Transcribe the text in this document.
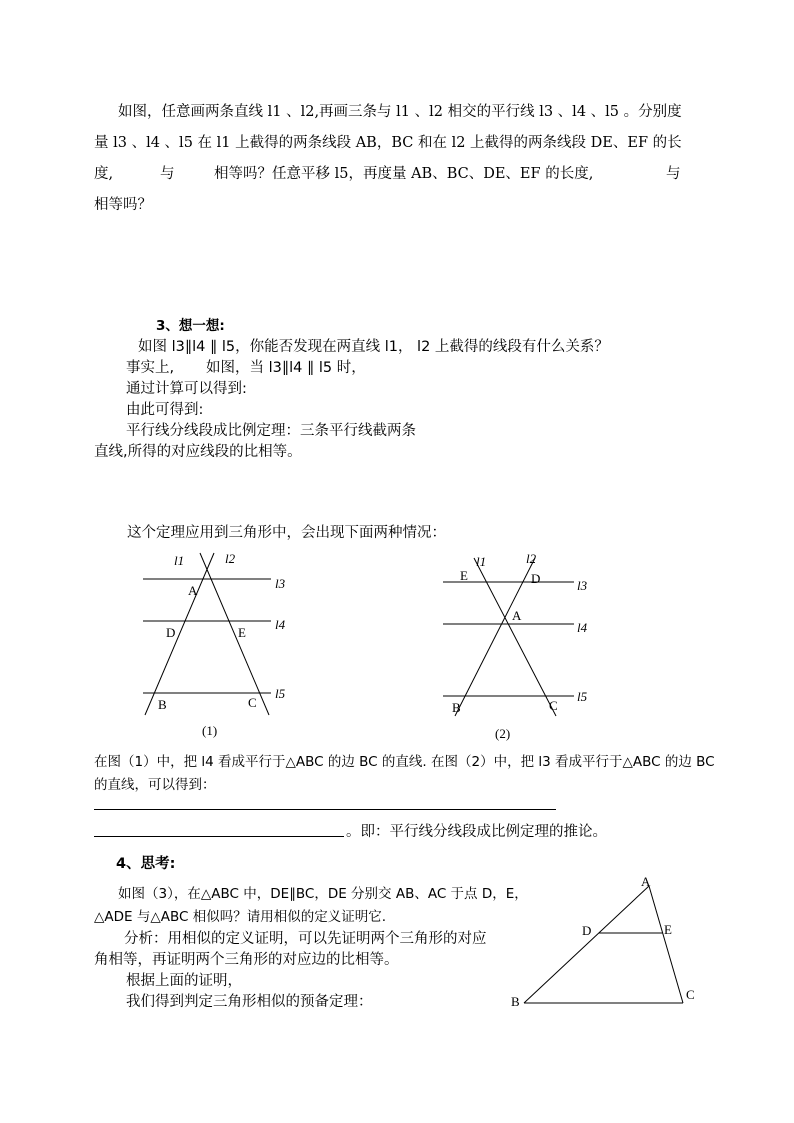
如图，任意画两条直线 l1 、l2,再画三条与 l1 、l2 相交的平行线 l3 、l4 、l5 。分别度
量 l3 、l4 、l5 在 l1 上截得的两条线段 AB，BC 和在 l2 上截得的两条线段 DE、EF 的长
度,	与	相等吗？任意平移 l5，再度量 AB、BC、DE、EF 的长度,	与
相等吗？
3、想一想:
如图 l3∥l4 ∥ l5，你能否发现在两直线 l1， l2 上截得的线段有什么关系？
事实上, 如图，当 l3∥l4 ∥ l5 时，
通过计算可以得到:
由此可得到:
平行线分线段成比例定理：三条平行线截两条
直线,所得的对应线段的比相等。
这个定理应用到三角形中，会出现下面两种情况：
l1	l2
l3
l4
l5
A
D	E
B	C
(1)
l1	l2
l3
l4
l5
E	D
A
B	C
(2)
在图（1）中，把 l4 看成平行于△ABC 的边 BC 的直线. 在图（2）中，把 l3 看成平行于△ABC 的边 BC
的直线，可以得到：
。即：平行线分线段成比例定理的推论。
4、思考:
如图（3），在△ABC 中，DE∥BC，DE 分别交 AB、AC 于点 D，E，
△ADE 与△ABC 相似吗？请用相似的定义证明它.
分析：用相似的定义证明，可以先证明两个三角形的对应
角相等，再证明两个三角形的对应边的比相等。
根据上面的证明，
我们得到判定三角形相似的预备定理：
A
D	E
B	C
